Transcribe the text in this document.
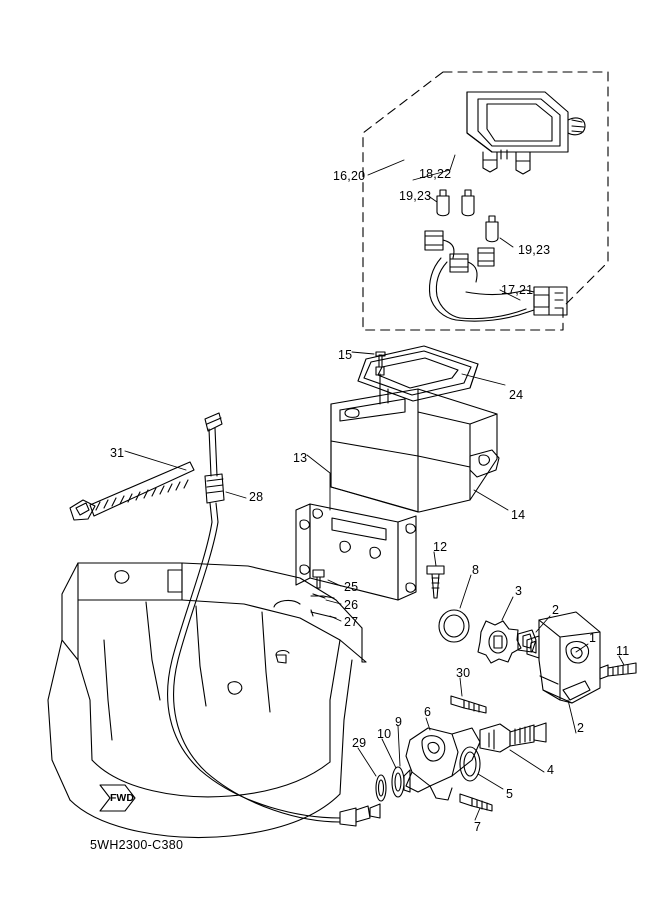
16,20	18,22
19,23
19,23
17,21
15
24
31	13
28
14
12
25
8
26
3
27
2
1
11
30
9
6
2
29
10
4
5
7
FWD
5WH2300-C380
